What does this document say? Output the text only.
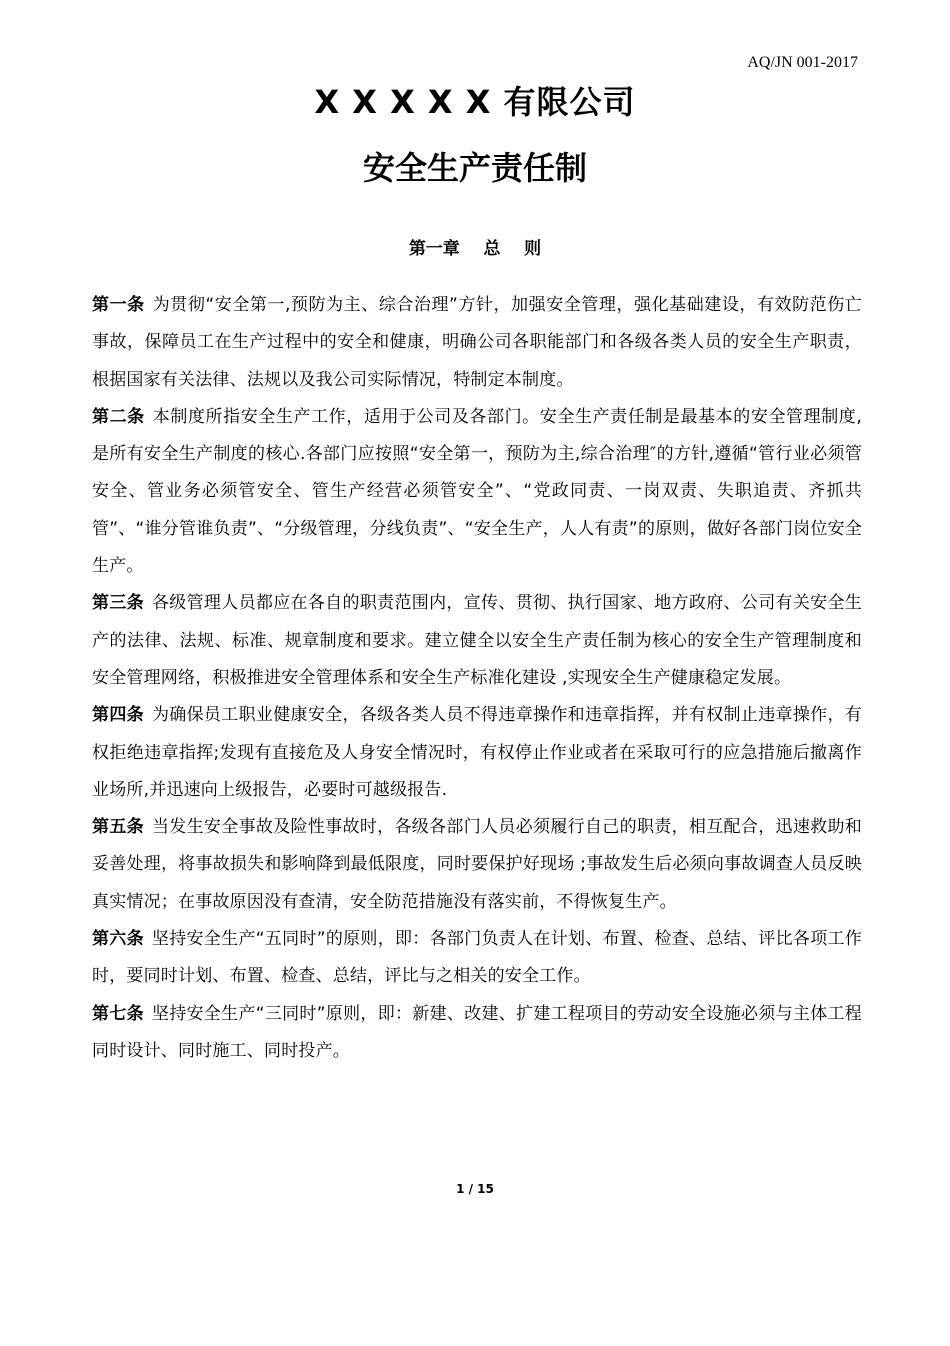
AQ/JN 001-2017
X X X X X 有限公司
安全生产责任制
第一章    总    则

第一条 为贯彻“安全第一,预防为主、综合治理”方针，加强安全管理，强化基础建设，有效防范伤亡事故，保障员工在生产过程中的安全和健康，明确公司各职能部门和各级各类人员的安全生产职责，根据国家有关法律、法规以及我公司实际情况，特制定本制度。

第二条 本制度所指安全生产工作，适用于公司及各部门。安全生产责任制是最基本的安全管理制度,是所有安全生产制度的核心.各部门应按照“安全第一，预防为主,综合治理″的方针,遵循“管行业必须管安全、管业务必须管安全、管生产经营必须管安全”、“党政同责、一岗双责、失职追责、齐抓共管”、“谁分管谁负责”、“分级管理，分线负责”、“安全生产，人人有责”的原则，做好各部门岗位安全生产。

第三条 各级管理人员都应在各自的职责范围内，宣传、贯彻、执行国家、地方政府、公司有关安全生产的法律、法规、标准、规章制度和要求。建立健全以安全生产责任制为核心的安全生产管理制度和安全管理网络，积极推进安全管理体系和安全生产标准化建设 ,实现安全生产健康稳定发展。

第四条 为确保员工职业健康安全，各级各类人员不得违章操作和违章指挥，并有权制止违章操作，有权拒绝违章指挥;发现有直接危及人身安全情况时，有权停止作业或者在采取可行的应急措施后撤离作业场所,并迅速向上级报告，必要时可越级报告.

第五条 当发生安全事故及险性事故时，各级各部门人员必须履行自己的职责，相互配合，迅速救助和妥善处理，将事故损失和影响降到最低限度，同时要保护好现场 ;事故发生后必须向事故调查人员反映真实情况；在事故原因没有查清，安全防范措施没有落实前，不得恢复生产。

第六条 坚持安全生产“五同时”的原则，即：各部门负责人在计划、布置、检查、总结、评比各项工作时，要同时计划、布置、检查、总结，评比与之相关的安全工作。

第七条 坚持安全生产“三同时”原则，即：新建、改建、扩建工程项目的劳动安全设施必须与主体工程同时设计、同时施工、同时投产。

1 / 15
